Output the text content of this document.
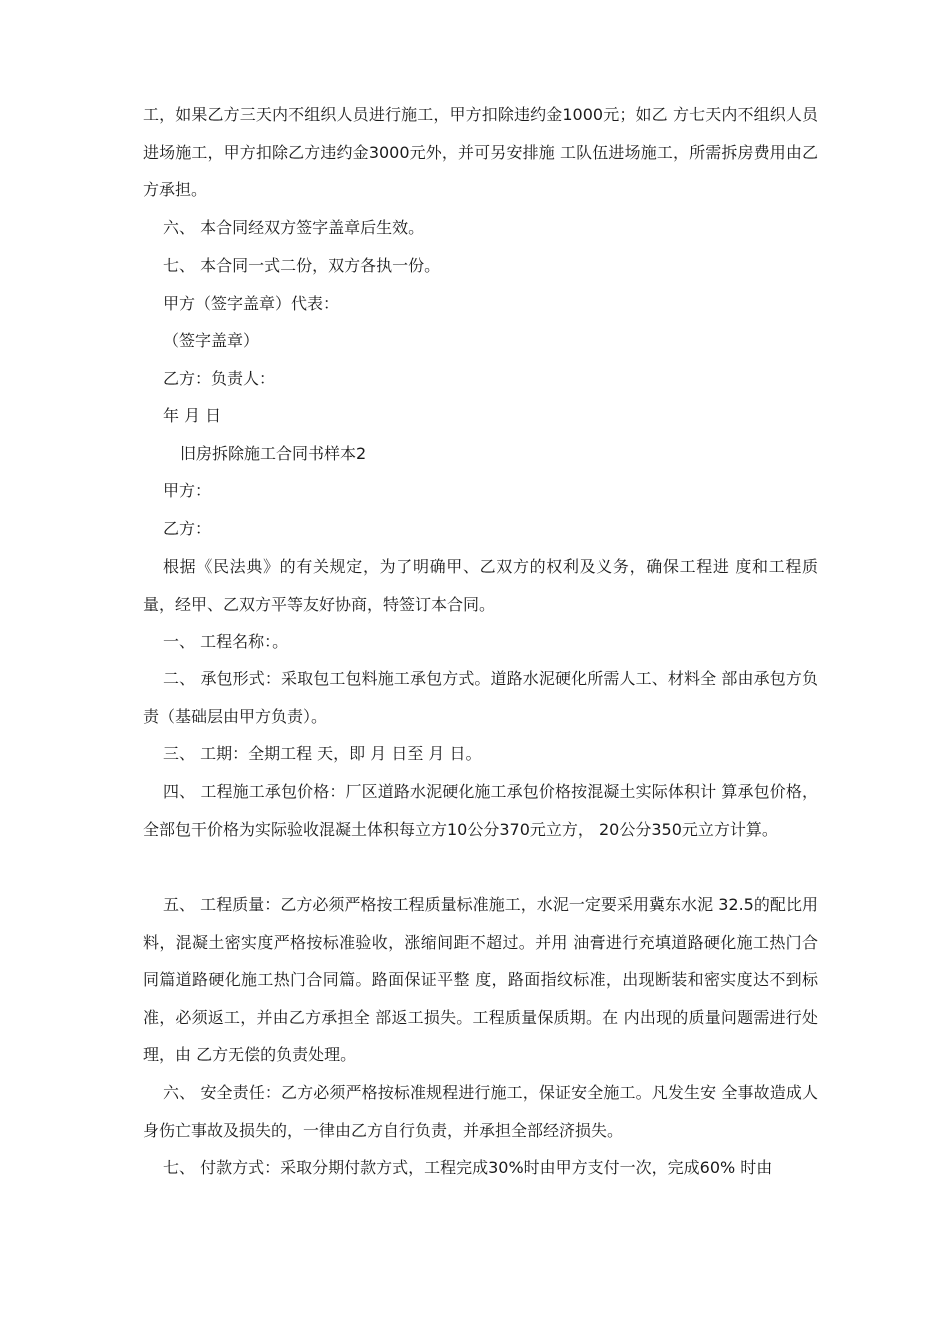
工，如果乙方三天内不组织人员进行施工，甲方扣除违约金1000元；如乙 方七天内不组织人员进场施工，甲方扣除乙方违约金3000元外，并可另安排施 工队伍进场施工，所需拆房费用由乙方承担。

六、 本合同经双方签字盖章后生效。

七、 本合同一式二份，双方各执一份。

甲方（签字盖章）代表：

（签字盖章）

乙方：负责人：

年 月 日

旧房拆除施工合同书样本2

甲方：

乙方：

根据《民法典》的有关规定，为了明确甲、乙双方的权利及义务，确保工程进 度和工程质量，经甲、乙双方平等友好协商，特签订本合同。

一、 工程名称：。

二、 承包形式：采取包工包料施工承包方式。道路水泥硬化所需人工、材料全 部由承包方负责（基础层由甲方负责）。

三、 工期：全期工程 天，即 月 日至 月 日。

四、 工程施工承包价格：厂区道路水泥硬化施工承包价格按混凝土实际体积计 算承包价格，全部包干价格为实际验收混凝土体积每立方10公分370元立方， 20公分350元立方计算。

五、 工程质量：乙方必须严格按工程质量标准施工，水泥一定要采用冀东水泥 32.5的配比用料，混凝土密实度严格按标准验收，涨缩间距不超过。并用 油膏进行充填道路硬化施工热门合同篇道路硬化施工热门合同篇。路面保证平整 度，路面指纹标准，出现断装和密实度达不到标准，必须返工，并由乙方承担全 部返工损失。工程质量保质期。在 内出现的质量问题需进行处理，由 乙方无偿的负责处理。

六、 安全责任：乙方必须严格按标准规程进行施工，保证安全施工。凡发生安 全事故造成人身伤亡事故及损失的，一律由乙方自行负责，并承担全部经济损失。

七、 付款方式：采取分期付款方式，工程完成30%时由甲方支付一次，完成60% 时由
